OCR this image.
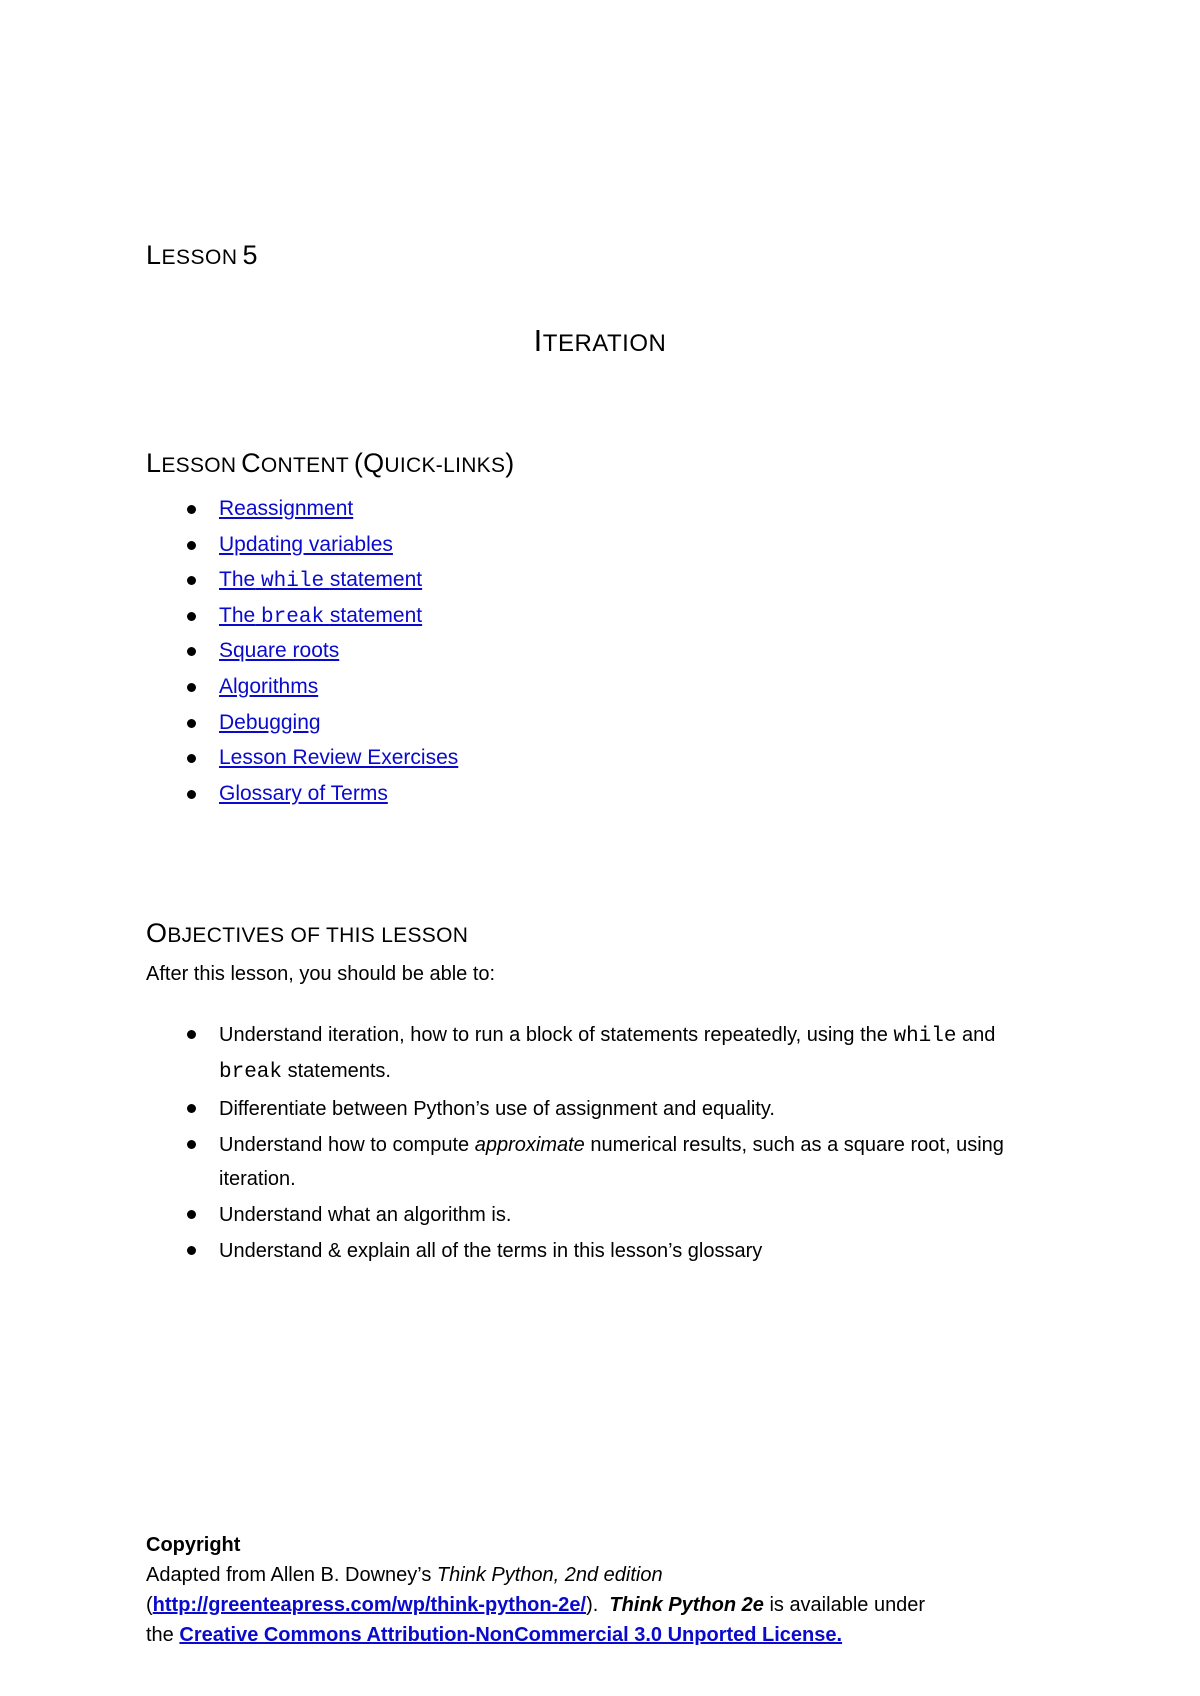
LESSON 5
ITERATION
LESSON CONTENT (QUICK-LINKS)
Reassignment
Updating variables
The while statement
The break statement
Square roots
Algorithms
Debugging
Lesson Review Exercises
Glossary of Terms
OBJECTIVES OF THIS LESSON
After this lesson, you should be able to:
Understand iteration, how to run a block of statements repeatedly, using the while and break statements.
Differentiate between Python’s use of assignment and equality.
Understand how to compute approximate numerical results, such as a square root, using iteration.
Understand what an algorithm is.
Understand & explain all of the terms in this lesson’s glossary
Copyright
Adapted from Allen B. Downey’s Think Python, 2nd edition
(http://greenteapress.com/wp/think-python-2e/). Think Python 2e is available under
the Creative Commons Attribution-NonCommercial 3.0 Unported License.
